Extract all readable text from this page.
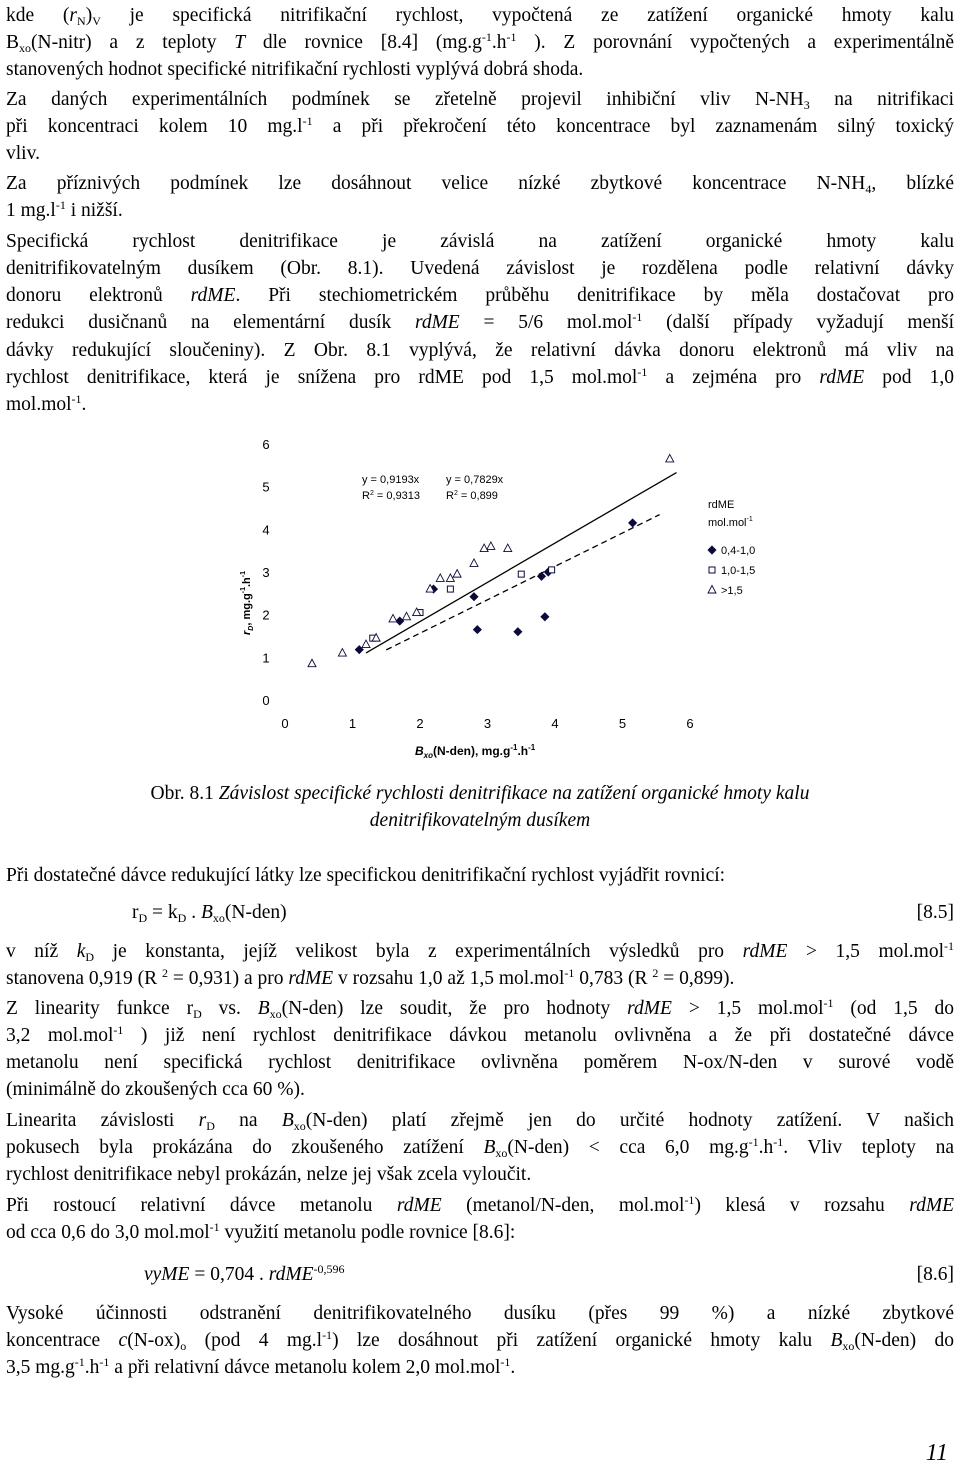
kde $(r_N)_V$ je specifická nitrifikační rychlost, vypočtená ze zatížení organické hmoty kalu
$B_{xo}(N-nitr)$ a z teploty T dle rovnice [8.4] ($mg.g^{-1}.h^{-1}$ ). Z porovnání vypočtených a experimentálně
stanovených hodnot specifické nitrifikační rychlosti vyplývá dobrá shoda.
Za daných experimentálních podmínek se zřetelně projevil inhibiční vliv $N-NH_3$ na nitrifikaci
při koncentraci kolem 10 $mg.l^{-1}$ a při překročení této koncentrace byl zaznamenám silný toxický
vliv.
Za příznivých podmínek lze dosáhnout velice nízké zbytkové koncentrace $N-NH_4$, blízké
1 $mg.l^{-1}$ i nižší.
Specifická rychlost denitrifikace je závislá na zatížení organické hmoty kalu
denitrifikovatelným dusíkem (Obr. 8.1). Uvedená závislost je rozdělena podle relativní dávky
donoru elektronů rdME. Při stechiometrickém průběhu denitrifikace by měla dostačovat pro
redukci dusičnanů na elementární dusík rdME = 5/6 mol.mol$^{-1}$ (další případy vyžadují menší
dávky redukující sloučeniny). Z Obr. 8.1 vyplývá, že relativní dávka donoru elektronů má vliv na
rychlost denitrifikace, která je snížena pro rdME pod 1,5 mol.mol$^{-1}$ a zejména pro rdME pod 1,0
mol.mol$^{-1}$.
0
1
2
3
4
5
6
0	1	2	3	4	5	6
Bxo(N-den), mg.g-1.h-1
rD, mg.g-1.h-1
y = 0,9193x
R2 = 0,9313
y = 0,7829x
R2 = 0,899
rdME
mol.mol-1
0,4-1,0
1,0-1,5
>1,5
Obr. 8.1 Závislost specifické rychlosti denitrifikace na zatížení organické hmoty kalu
denitrifikovatelným dusíkem
Při dostatečné dávce redukující látky lze specifickou denitrifikační rychlost vyjádřit rovnicí:
v níž $k_D$ je konstanta, jejíž velikost byla z experimentálních výsledků pro rdME > 1,5 mol.mol$^{-1}$
stanovena 0,919 (R $^2$ = 0,931) a pro rdME v rozsahu 1,0 až 1,5 mol.mol$^{-1}$ 0,783 (R $^2$ = 0,899).
Z linearity funkce $r_D$ vs. $B_{xo}(N-den)$ lze soudit, že pro hodnoty rdME > 1,5 mol.mol$^{-1}$ (od 1,5 do
3,2 mol.mol$^{-1}$ ) již není rychlost denitrifikace dávkou metanolu ovlivněna a že při dostatečné dávce
metanolu není specifická rychlost denitrifikace ovlivněna poměrem N-ox/N-den v surové vodě
(minimálně do zkoušených cca 60 %).
Linearita závislosti $r_D$ na $B_{xo}(N-den)$ platí zřejmě jen do určité hodnoty zatížení. V našich
pokusech byla prokázána do zkoušeného zatížení $B_{xo}(N-den)$ < cca 6,0 $mg.g^{-1}.h^{-1}$. Vliv teploty na
rychlost denitrifikace nebyl prokázán, nelze jej však zcela vyloučit.
Při rostoucí relativní dávce metanolu rdME (metanol/N-den, mol.mol$^{-1}$) klesá v rozsahu rdME
od cca 0,6 do 3,0 mol.mol$^{-1}$ využití metanolu podle rovnice [8.6]:
Vysoké účinnosti odstranění denitrifikovatelného dusíku (přes 99 %) a nízké zbytkové
koncentrace $c(N-ox)_o$ (pod 4 $mg.l^{-1}$) lze dosáhnout při zatížení organické hmoty kalu $B_{xo}(N-den)$ do
3,5 $mg.g^{-1}.h^{-1}$ a při relativní dávce metanolu kolem 2,0 mol.mol$^{-1}$.
$r_D = k_D$ . $B_{xo}(N-den)$	[8.5]
vyME = 0,704 . rdME$^{-0,596}$	[8.6]
11
